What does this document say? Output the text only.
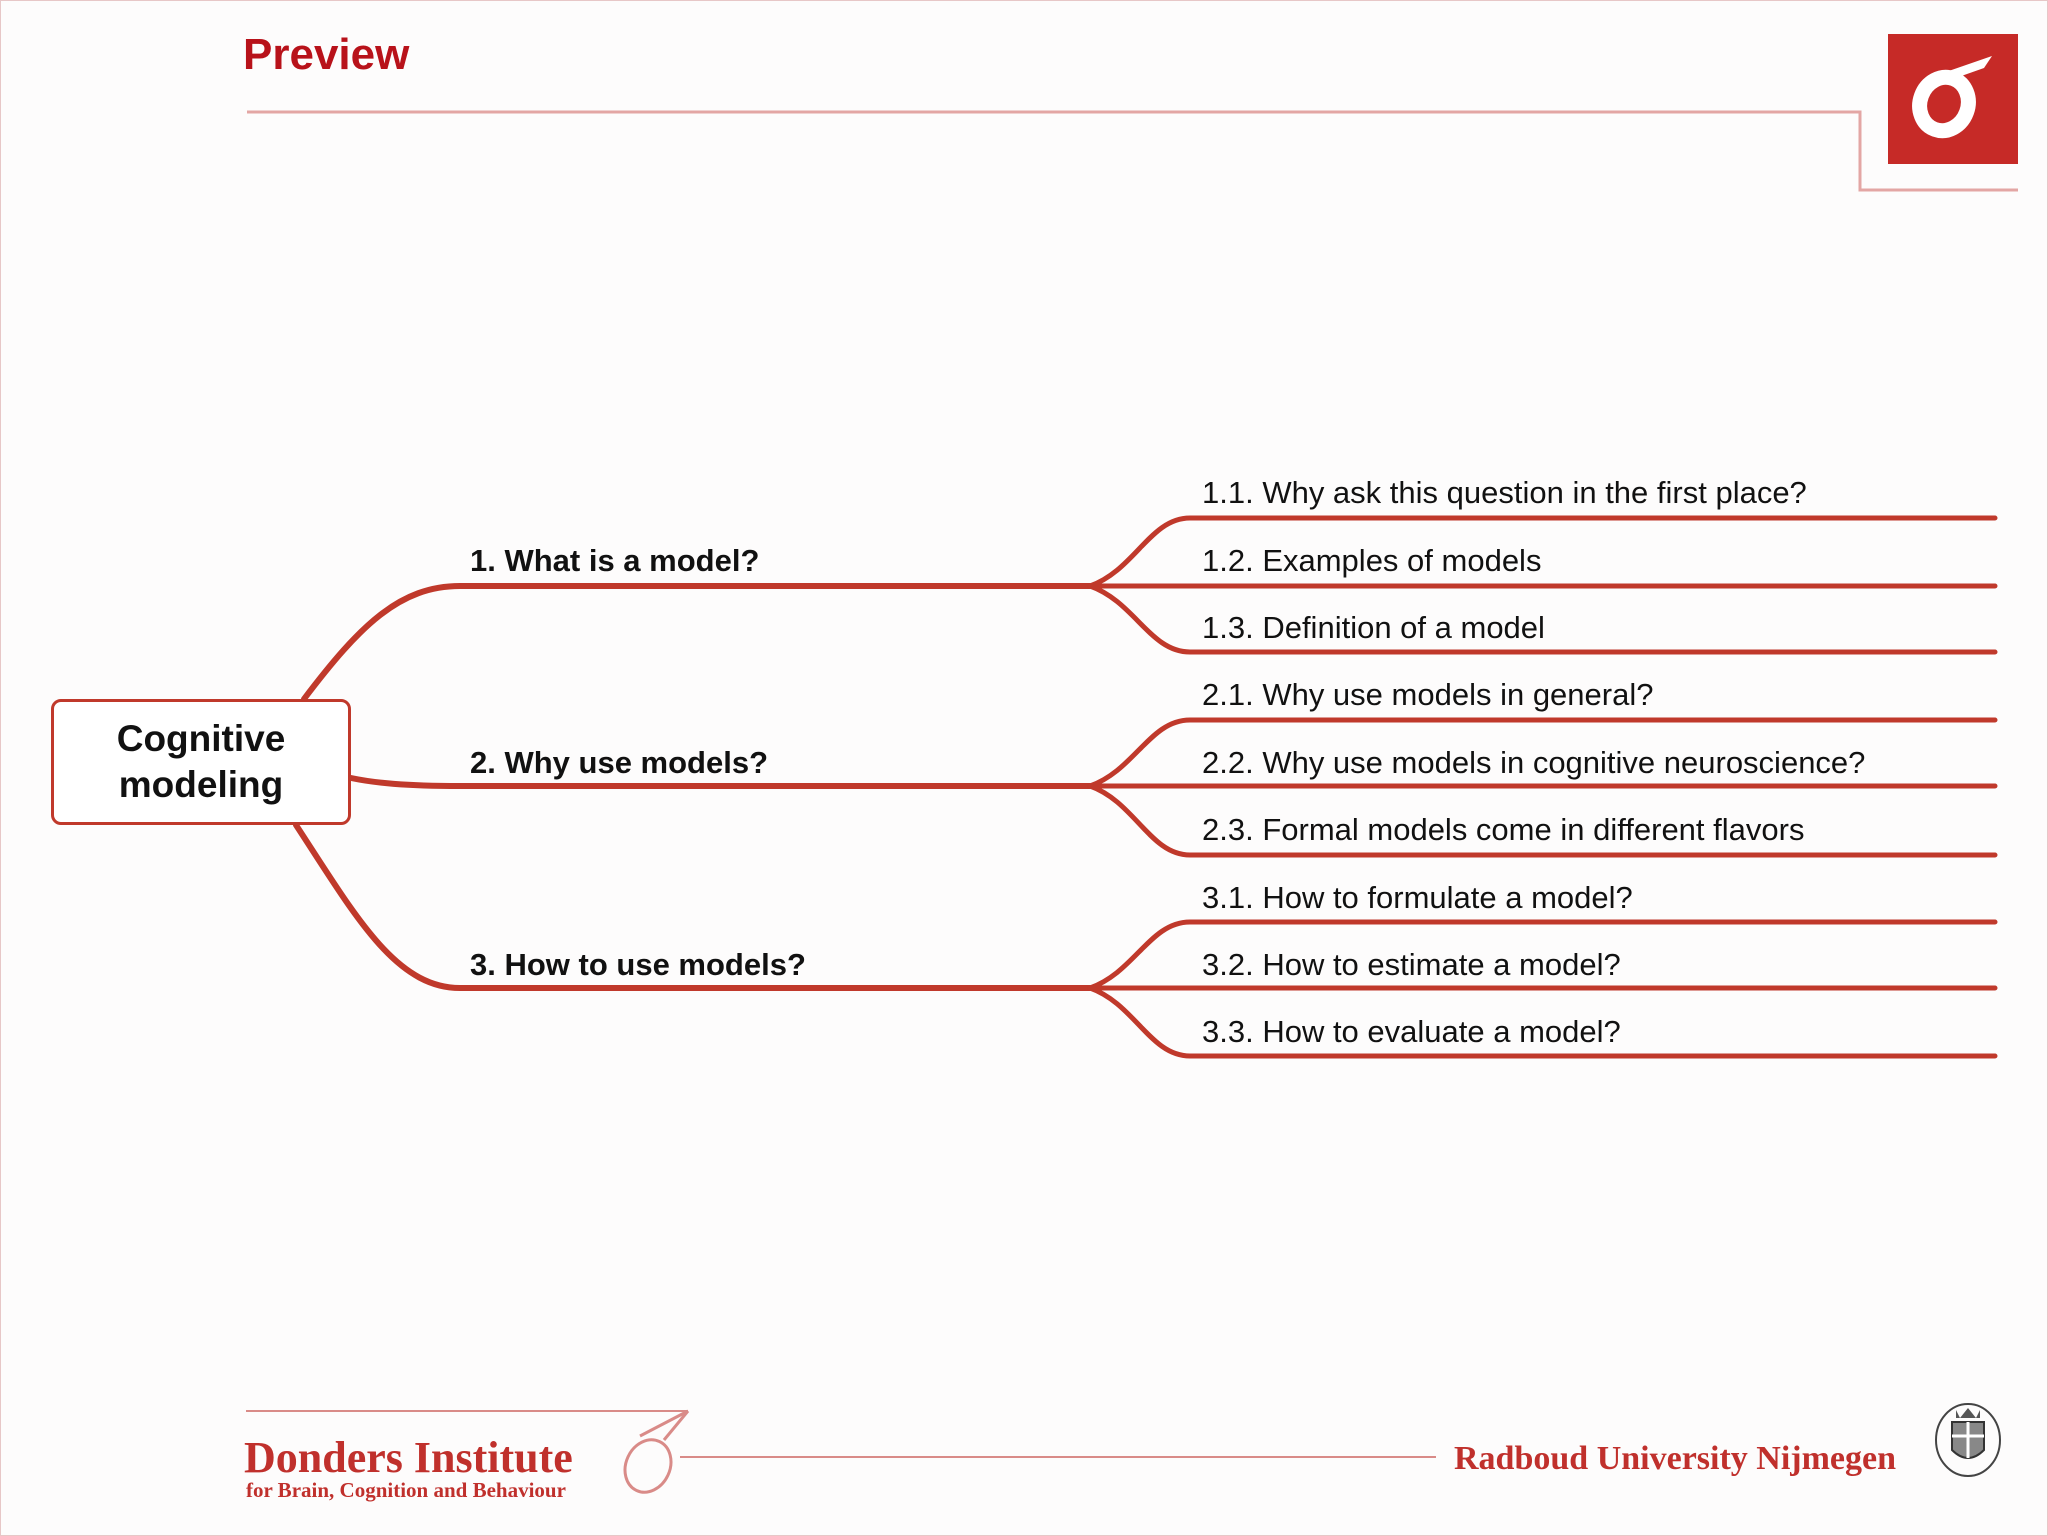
Preview
1. What is a model?
2. Why use models?
3. How to use models?
1.1. Why ask this question in the first place?
1.2. Examples of models
1.3. Definition of a model
2.1. Why use models in general?
2.2. Why use models in cognitive neuroscience?
2.3. Formal models come in different flavors
3.1. How to formulate a model?
3.2. How to estimate a model?
3.3. How to evaluate a model?
Cognitive modeling
Donders Institute
for Brain, Cognition and Behaviour
Radboud University Nijmegen
